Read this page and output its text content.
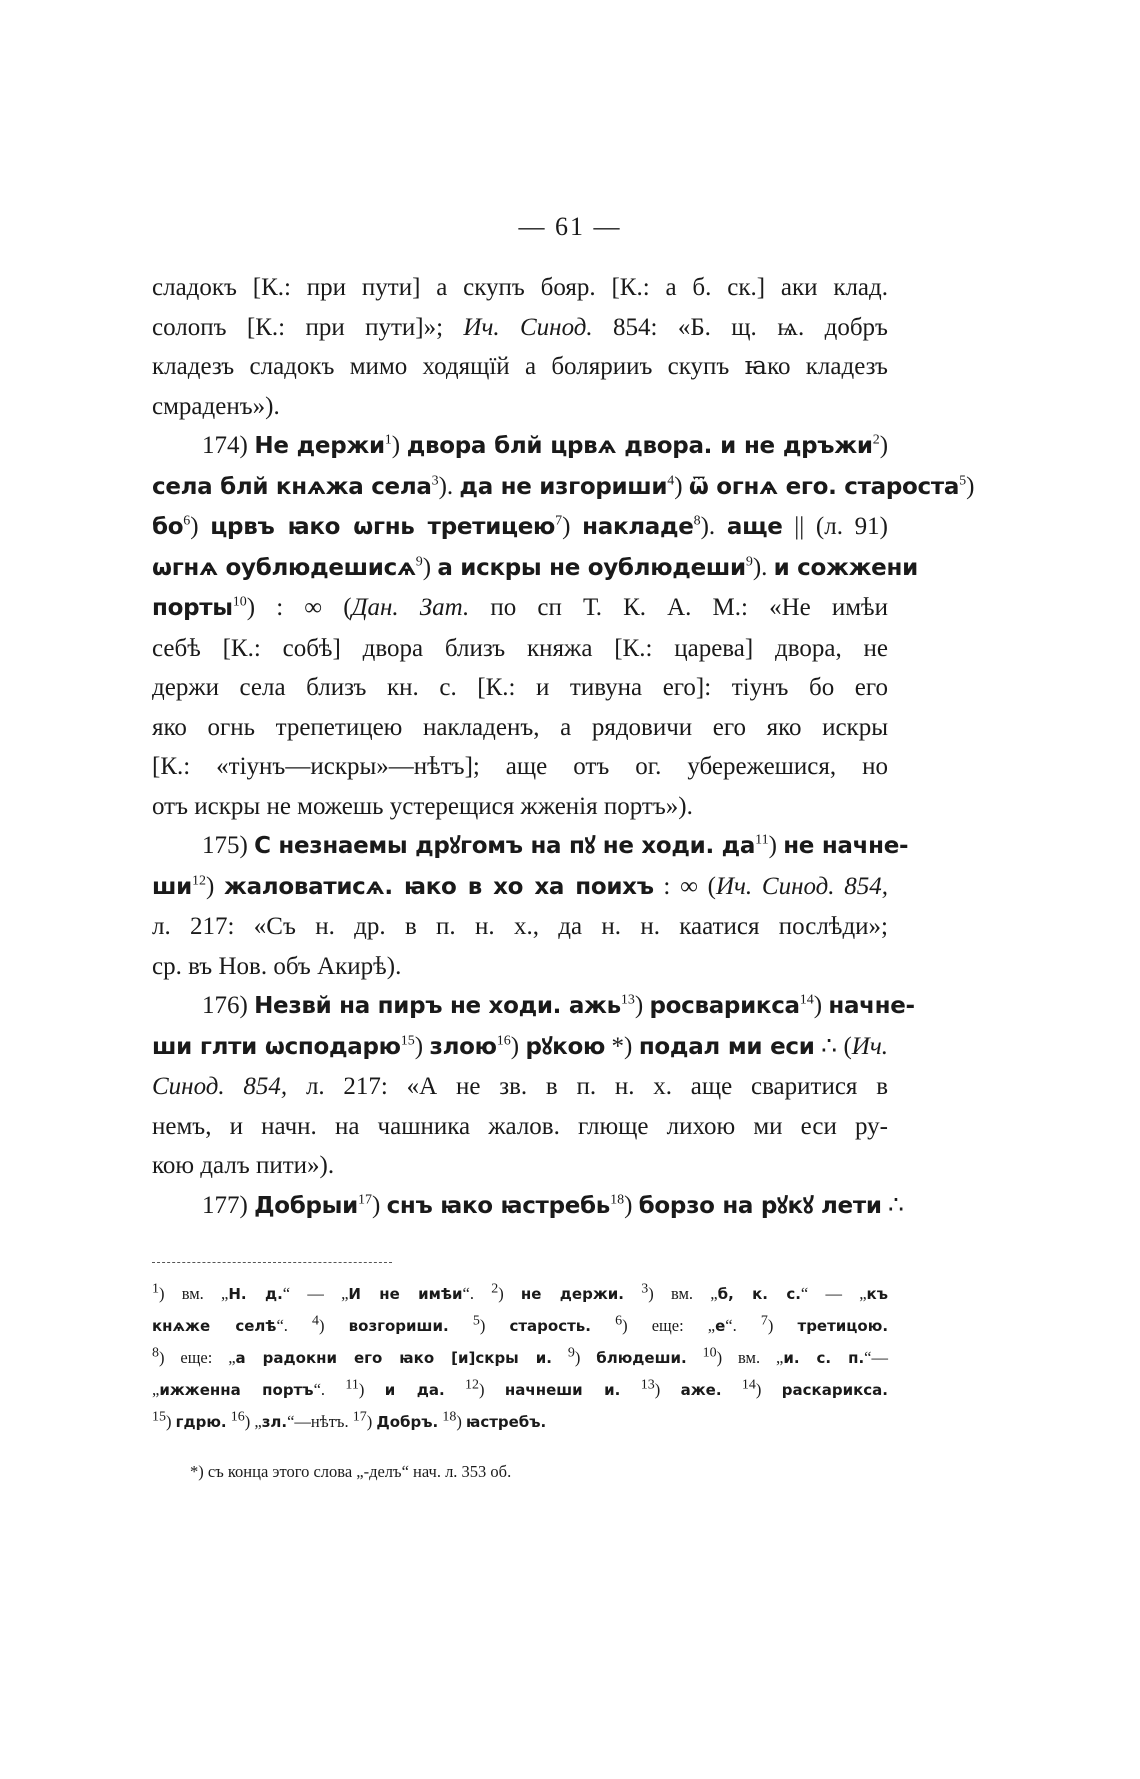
— 61 —
сладокъ [К.: при пути] а скупъ бояр. [К.: а б. ск.] аки клад.
солопъ [К.: при пути]»; Ич. Синод. 854: «Б. щ. ѩ. добръ
кладезъ сладокъ мимо ходящїй а болярииъ скупъ ꙗко кладезъ
смраденъ»).
174) Не держи$^1$) двора блй црвѧ двора. и не дръжи$^2$)
села блй кнѧжа села$^3$). да не изгориши$^4$) ѿ огнѧ его. староста$^5$)
$бо^6$) црвъ ꙗко ѡгнь третицею$^7$) накладе$^8$). аще || (л. 91)
ѡгнѧ оублюдешисѧ$^9$) а искры не оублюдеши$^9$). и сожжени
порты$^{10}$) : ∞ (Дан. Зат. по сп Т. К. А. М.: «Не имѣи
себѣ [К.: собѣ] двора близъ княжа [К.: царева] двора, не
держи села близъ кн. с. [К.: и тивуна его]: тіунъ бо его
яко огнь трепетицею накладенъ, а рядовичи его яко искры
[К.: «тіунъ—искры»—нѣтъ]; аще отъ ог. убережешися, но
отъ искры не можешь устерещися жженія портъ»).
175) С незнаемы дрꙋгомъ на пꙋ не ходи. $да^{11}$) не начне-
$ши^{12}$) жаловатисѧ. ꙗко в хо ха поихъ : ∞ (Ич. Синод. 854,
л. 217: «Съ н. др. в п. н. х., да н. н. каатися послѣди»;
ср. въ Нов. объ Акирѣ).
176) Незвй на пиръ не ходи. ажь$^{13}$) росварикса$^{14}$) начне-
ши глти ѡсподарю$^{15}$) злою$^{16}$) рꙋкою *) подал ми еси ∴ (Ич.
Синод. 854, л. 217: «А не зв. в п. н. х. аще сваритися в
немъ, и начн. на чашника жалов. глюще лихою ми еси ру-
кою далъ пити»).
177) Добрыи$^{17}$) снъ ꙗко ꙗстребь$^{18}$) борзо на рꙋкꙋ лети ∴
$^1$) вм. „Н. д.“ — „И не имѣи“. $^2$) не держи. $^3$) вм. „б, к. с.“ — „къ
кнѧже селѣ“. $^4$) возгориши. $^5$) старость. $^6$) еще: „е“. $^7$) третицою.
$^8$) еще: „а радокни его ꙗко [и]скры и. $^9$) блюдеши. $^{10}$) вм. „и. с. п.“—
„ижженна портъ“. $^{11}$) и да. $^{12}$) начнеши и. $^{13}$) аже. $^{14}$) раскарикса.
$^{15}$) гдрю. $^{16}$) „зл.“—нѣтъ. $^{17}$) Добръ. $^{18}$) ꙗстребъ.
*) съ конца этого слова „-делъ“ нач. л. 353 об.
